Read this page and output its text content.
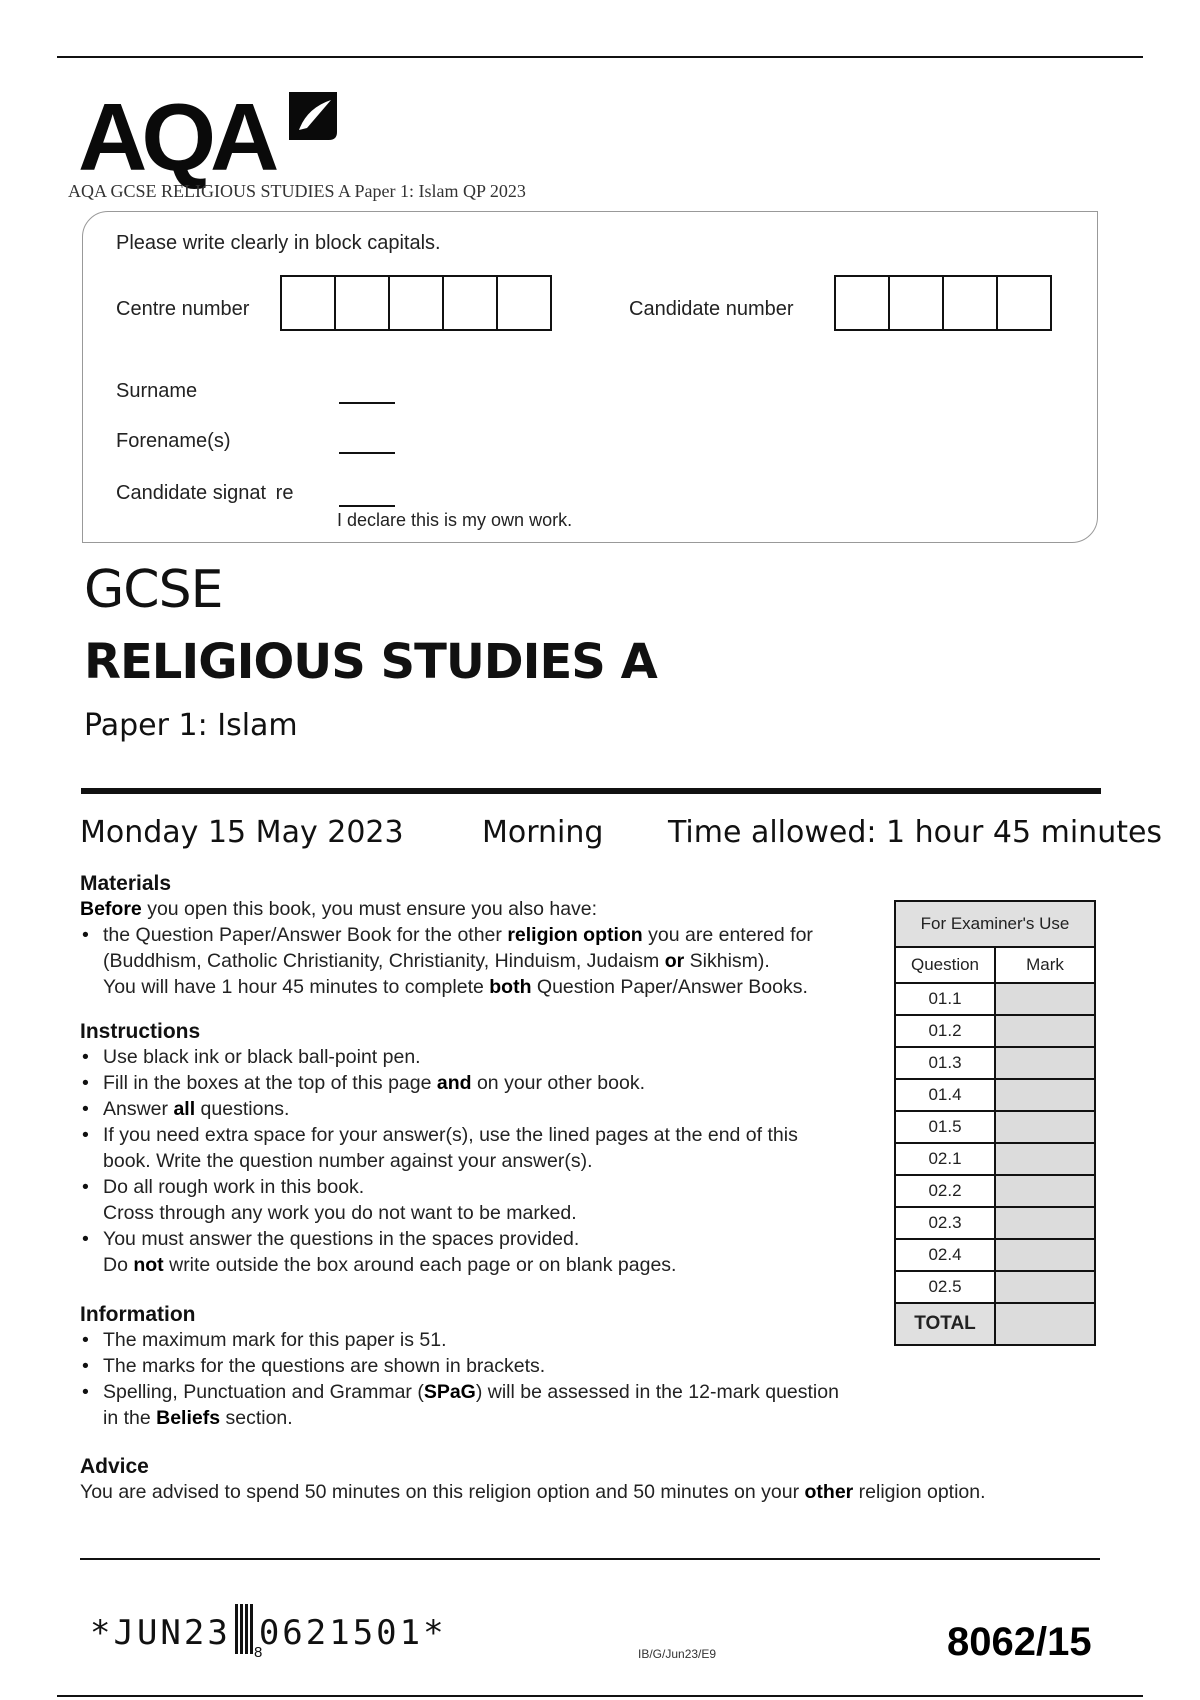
AQA
AQA GCSE RELIGIOUS STUDIES A Paper 1: Islam QP 2023
Please write clearly in block capitals.
Centre number	Candidate number
Surname
Forename(s)
Candidate signat  re
I declare this is my own work.
GCSE
RELIGIOUS STUDIES A
Paper 1: Islam
Monday 15 May 2023	Morning Time allowed: 1 hour 45 minutes
Materials
Before you open this book, you must ensure you also have:
• the Question Paper/Answer Book for the other religion option you are entered for (Buddhism, Catholic Christianity, Christianity, Hinduism, Judaism or Sikhism).
You will have 1 hour 45 minutes to complete both Question Paper/Answer Books.
Instructions
• Use black ink or black ball-point pen.
• Fill in the boxes at the top of this page and on your other book.
• Answer all questions.
• If you need extra space for your answer(s), use the lined pages at the end of this book. Write the question number against your answer(s).
• Do all rough work in this book.
Cross through any work you do not want to be marked.
• You must answer the questions in the spaces provided.
Do not write outside the box around each page or on blank pages.
Information
• The maximum mark for this paper is 51.
• The marks for the questions are shown in brackets.
• Spelling, Punctuation and Grammar (SPaG) will be assessed in the 12-mark question in the Beliefs section.
Advice
You are advised to spend 50 minutes on this religion option and 50 minutes on your other religion option.
For Examiner's Use	
Question	Mark
01.1	
01.2	
01.3	
01.4	
01.5	
02.1	
02.2	
02.3	
02.4	
02.5	
TOTAL	
*JUN23 0621501*
8	IB/G/Jun23/E9	8062/15
